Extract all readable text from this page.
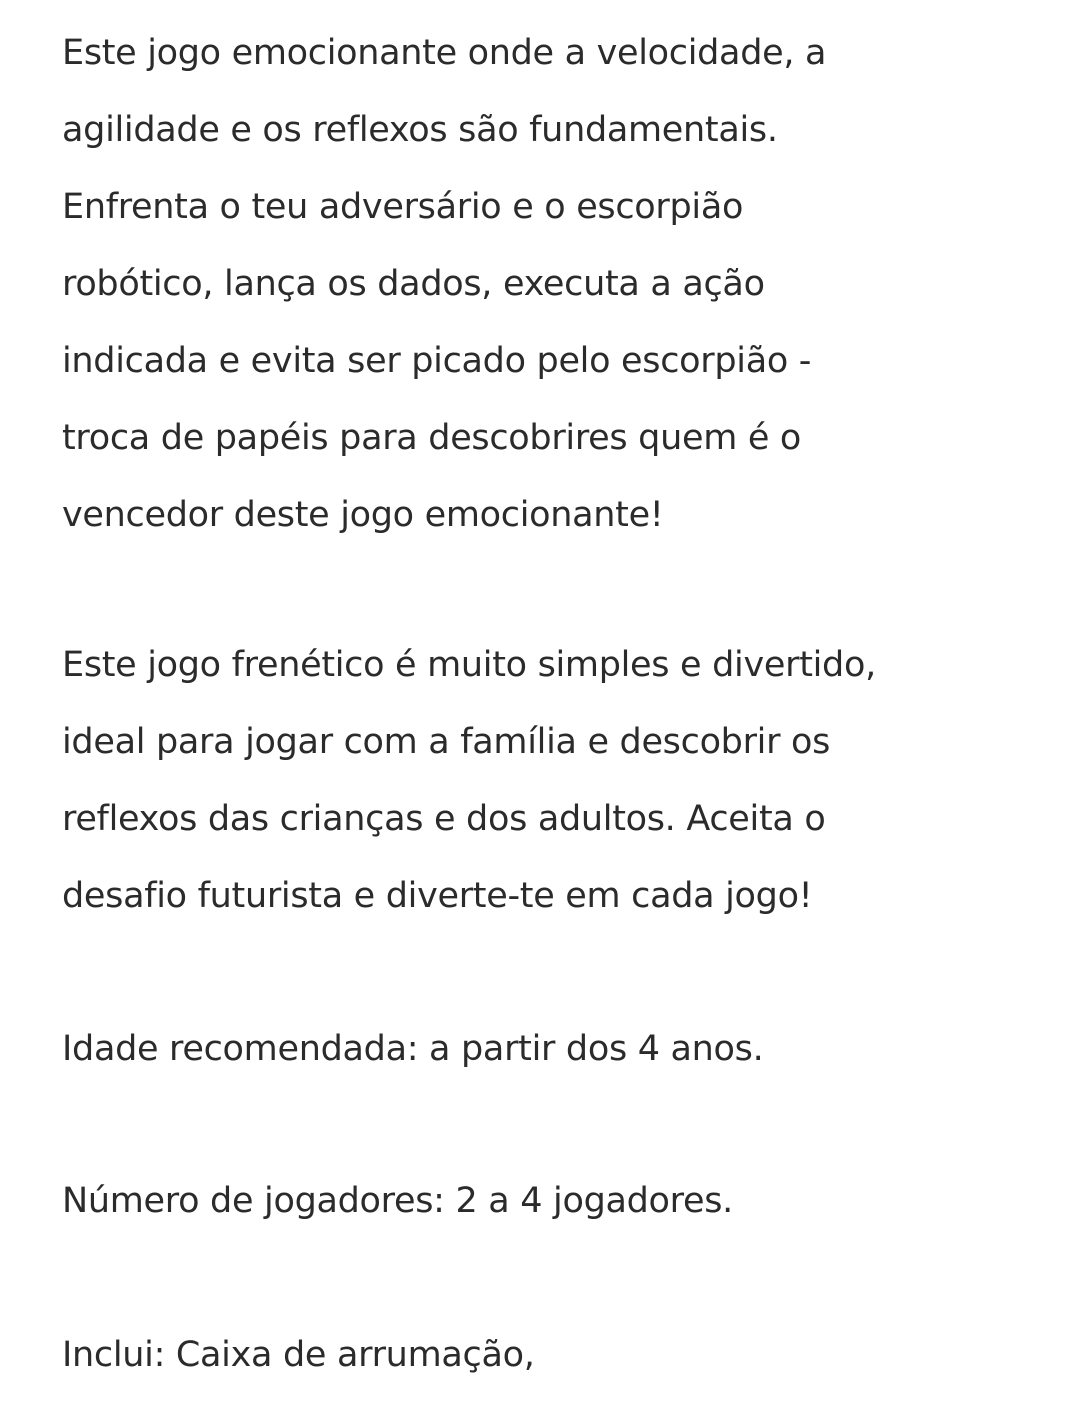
Este jogo emocionante onde a velocidade, a
agilidade e os reflexos são fundamentais.
Enfrenta o teu adversário e o escorpião
robótico, lança os dados, executa a ação
indicada e evita ser picado pelo escorpião -
troca de papéis para descobrires quem é o
vencedor deste jogo emocionante!

Este jogo frenético é muito simples e divertido,
ideal para jogar com a família e descobrir os
reflexos das crianças e dos adultos. Aceita o
desafio futurista e diverte-te em cada jogo!

Idade recomendada: a partir dos 4 anos.

Número de jogadores: 2 a 4 jogadores.

Inclui: Caixa de arrumação,
